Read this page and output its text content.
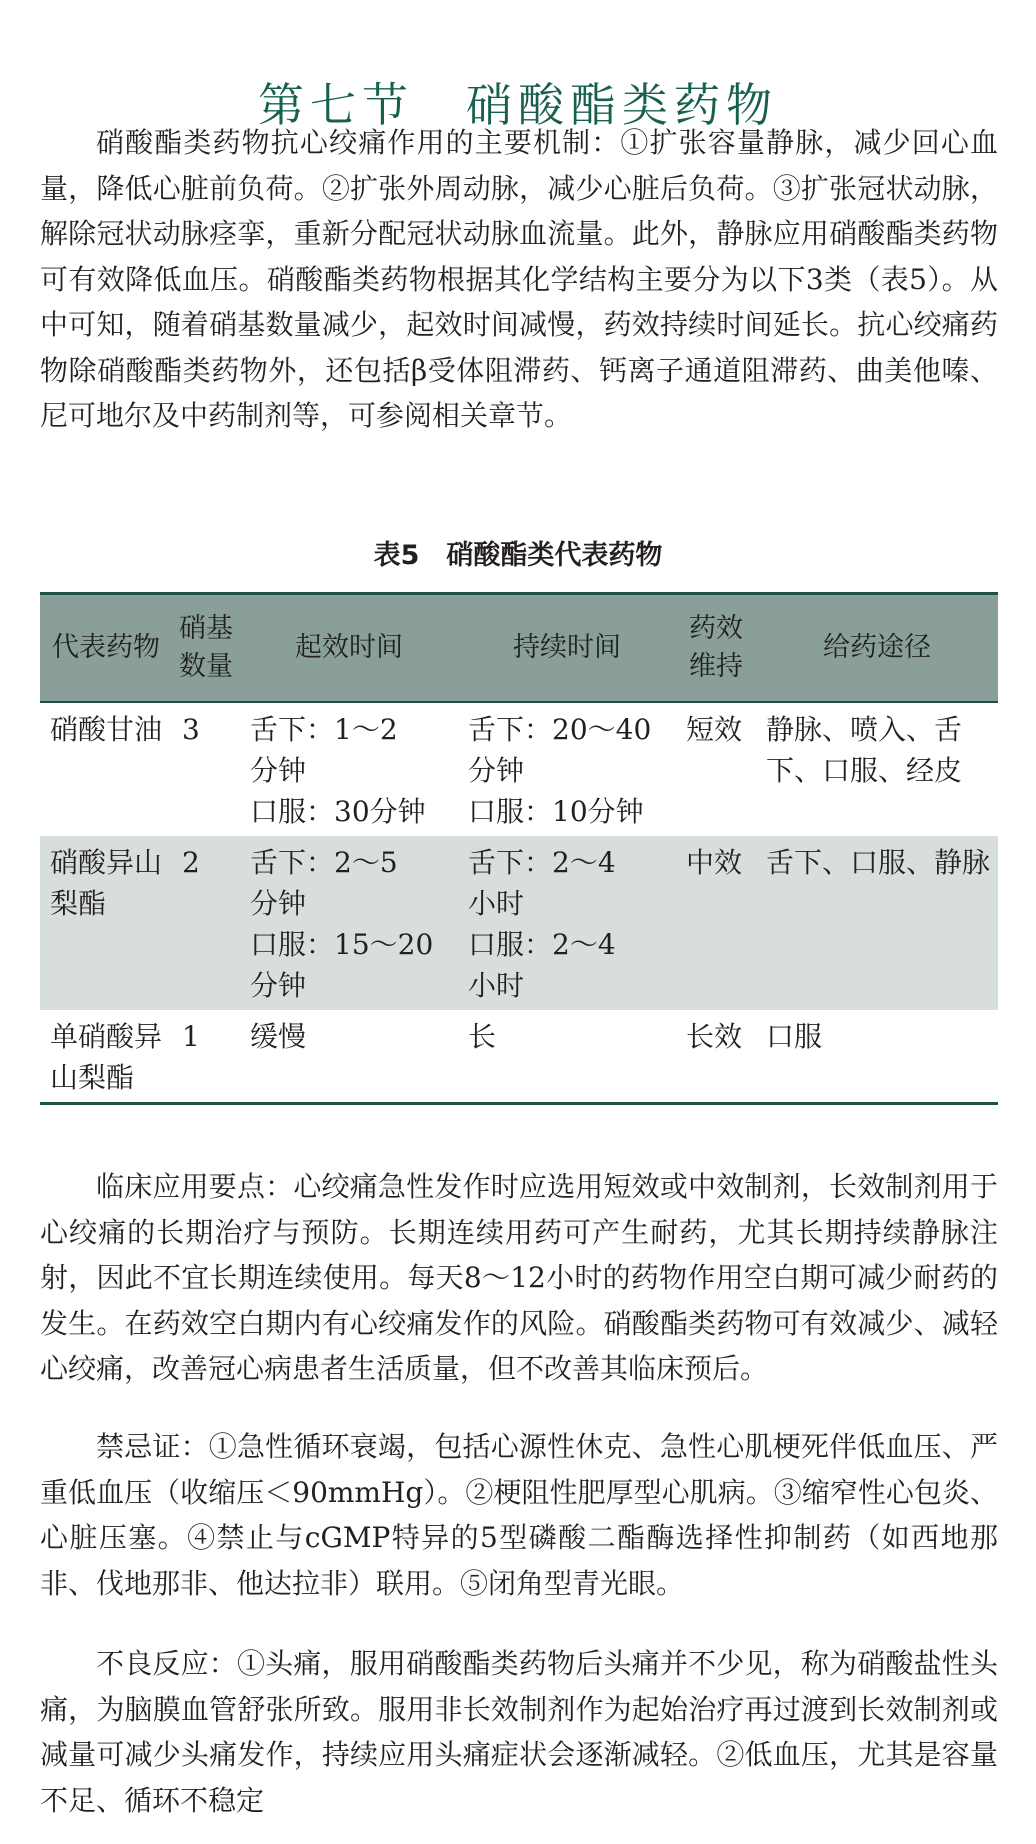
第七节　硝酸酯类药物

硝酸酯类药物抗心绞痛作用的主要机制：①扩张容量静脉，减少回心血量，降低心脏前负荷。②扩张外周动脉，减少心脏后负荷。③扩张冠状动脉，解除冠状动脉痉挛，重新分配冠状动脉血流量。此外，静脉应用硝酸酯类药物可有效降低血压。硝酸酯类药物根据其化学结构主要分为以下3类（表5）。从中可知，随着硝基数量减少，起效时间减慢，药效持续时间延长。抗心绞痛药物除硝酸酯类药物外，还包括β受体阻滞药、钙离子通道阻滞药、曲美他嗪、尼可地尔及中药制剂等，可参阅相关章节。

表5　硝酸酯类代表药物
代表药物	硝基数量	起效时间	持续时间	药效维持	给药途径
硝酸甘油	3	舌下：1～2
分钟
口服：30分钟	舌下：20～40
分钟
口服：10分钟	短效	静脉、喷入、舌下、口服、经皮
硝酸异山梨酯	2	舌下：2～5
分钟
口服：15～20
分钟	舌下：2～4
小时
口服：2～4
小时	中效	舌下、口服、静脉
单硝酸异山梨酯	1	缓慢	长	长效	口服

临床应用要点：心绞痛急性发作时应选用短效或中效制剂，长效制剂用于心绞痛的长期治疗与预防。长期连续用药可产生耐药，尤其长期持续静脉注射，因此不宜长期连续使用。每天8～12小时的药物作用空白期可减少耐药的发生。在药效空白期内有心绞痛发作的风险。硝酸酯类药物可有效减少、减轻心绞痛，改善冠心病患者生活质量，但不改善其临床预后。

禁忌证：①急性循环衰竭，包括心源性休克、急性心肌梗死伴低血压、严重低血压（收缩压＜90mmHg）。②梗阻性肥厚型心肌病。③缩窄性心包炎、心脏压塞。④禁止与cGMP特异的5型磷酸二酯酶选择性抑制药（如西地那非、伐地那非、他达拉非）联用。⑤闭角型青光眼。

不良反应：①头痛，服用硝酸酯类药物后头痛并不少见，称为硝酸盐性头痛，为脑膜血管舒张所致。服用非长效制剂作为起始治疗再过渡到长效制剂或减量可减少头痛发作，持续应用头痛症状会逐渐减轻。②低血压，尤其是容量不足、循环不稳定
